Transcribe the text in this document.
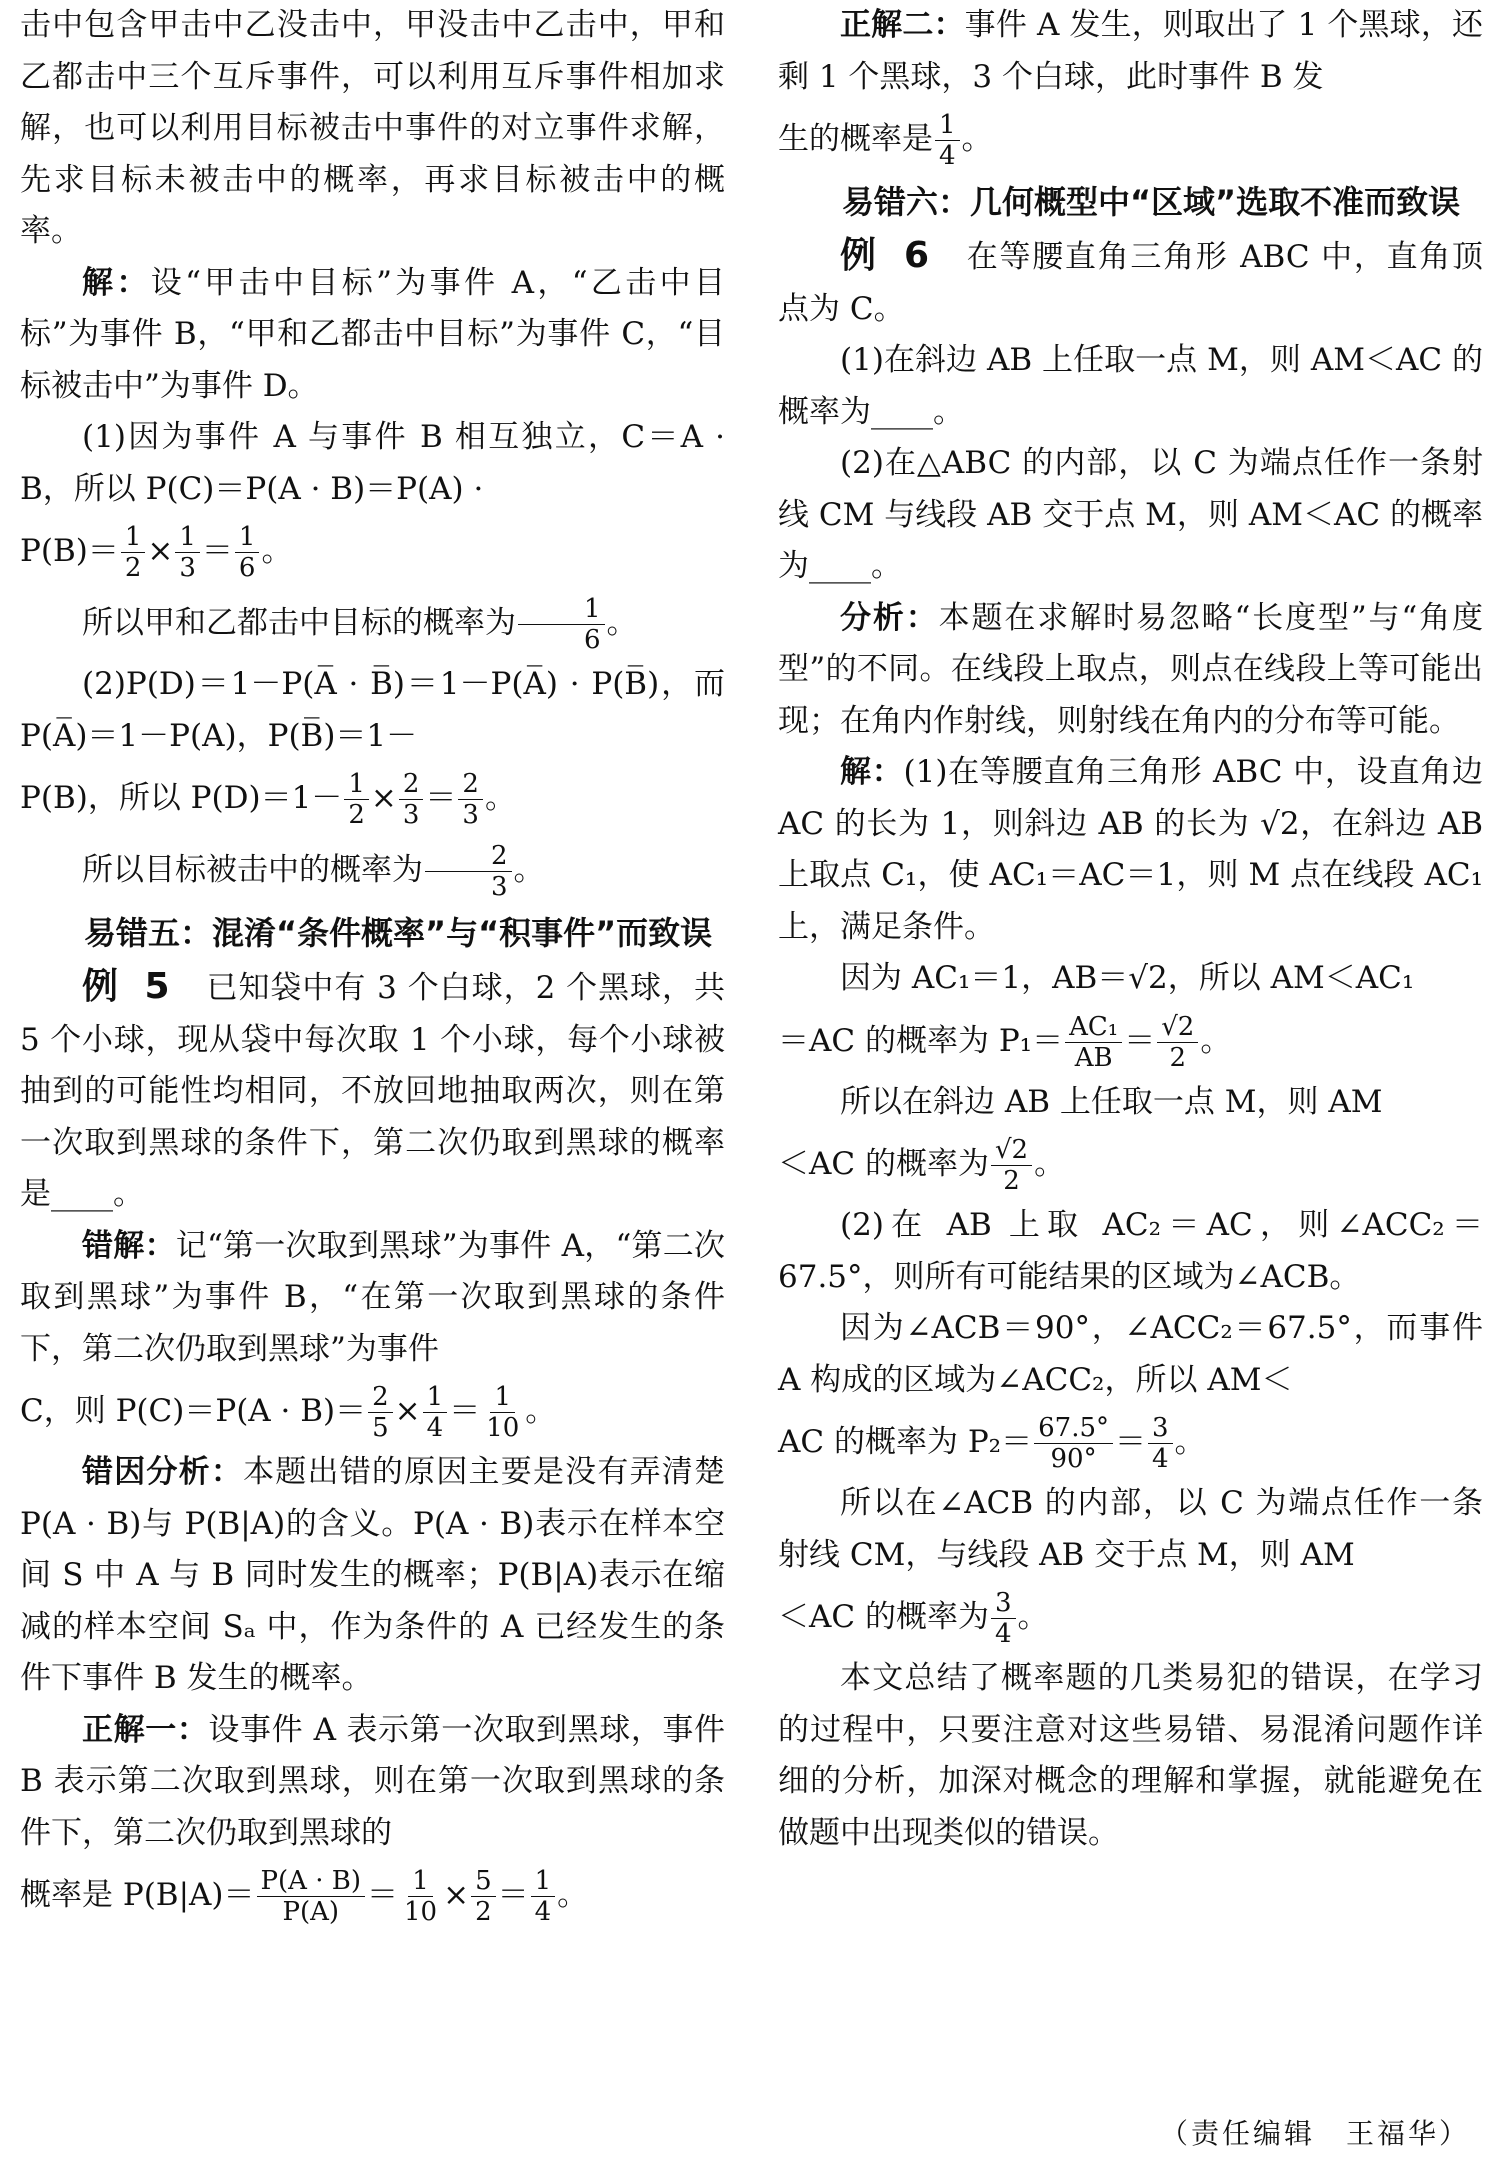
击中包含甲击中乙没击中，甲没击中乙击中，甲和乙都击中三个互斥事件，可以利用互斥事件相加求解，也可以利用目标被击中事件的对立事件求解，先求目标未被击中的概率，再求目标被击中的概率。

解：设“甲击中目标”为事件 A，“乙击中目标”为事件 B，“甲和乙都击中目标”为事件 C，“目标被击中”为事件 D。

(1)因为事件 A 与事件 B 相互独立，C＝A · B，所以 P(C)＝P(A · B)＝P(A) ·

$P(B)= \frac{1}{2} \times \frac{1}{3} = \frac{1}{6}$ 。

所以甲和乙都击中目标的概率为 $\frac{1}{6}$ 。

(2)P(D)＝1－P(A̅ · B̅)＝1－P(A̅) · P(B̅)，而 P(A̅)＝1－P(A)，P(B̅)＝1－

P(B)，所以 $P(D)=1- \frac{1}{2} \times \frac{2}{3} = \frac{2}{3}$ 。

所以目标被击中的概率为 $\frac{2}{3}$ 。

易错五：混淆“条件概率”与“积事件”而致误

例 5 已知袋中有 3 个白球，2 个黑球，共 5 个小球，现从袋中每次取 1 个小球，每个小球被抽到的可能性均相同，不放回地抽取两次，则在第一次取到黑球的条件下，第二次仍取到黑球的概率是____。

错解：记“第一次取到黑球”为事件 A，“第二次取到黑球”为事件 B，“在第一次取到黑球的条件下，第二次仍取到黑球”为事件

C，则 $P(C)=P(A \cdot B)= \frac{2}{5} \times \frac{1}{4} = \frac{1}{10}$ 。

错因分析：本题出错的原因主要是没有弄清楚 P(A · B)与 P(B|A)的含义。P(A · B)表示在样本空间 S 中 A 与 B 同时发生的概率；P(B|A)表示在缩减的样本空间 Sₐ 中，作为条件的 A 已经发生的条件下事件 B 发生的概率。

正解一：设事件 A 表示第一次取到黑球，事件 B 表示第二次取到黑球，则在第一次取到黑球的条件下，第二次仍取到黑球的

概率是 $P(B|A)= \frac{P(A \cdot B)}{P(A)} = \frac{1}{10} \times \frac{5}{2} = \frac{1}{4}$ 。

正解二：事件 A 发生，则取出了 1 个黑球，还剩 1 个黑球，3 个白球，此时事件 B 发

生的概率是 $\frac{1}{4}$ 。

易错六：几何概型中“区域”选取不准而致误

例 6 在等腰直角三角形 ABC 中，直角顶点为 C。

(1)在斜边 AB 上任取一点 M，则 AM＜AC 的概率为____。

(2)在△ABC 的内部，以 C 为端点任作一条射线 CM 与线段 AB 交于点 M，则 AM＜AC 的概率为____。

分析：本题在求解时易忽略“长度型”与“角度型”的不同。在线段上取点，则点在线段上等可能出现；在角内作射线，则射线在角内的分布等可能。

解：(1)在等腰直角三角形 ABC 中，设直角边 AC 的长为 1，则斜边 AB 的长为 √2，在斜边 AB 上取点 C₁，使 AC₁＝AC＝1，则 M 点在线段 AC₁ 上，满足条件。

因为 AC₁＝1，AB＝√2，所以 AM＜AC₁

＝AC 的概率为 $P_1= \frac{\text{AC₁}}{AB} = \frac{√2}{2}$ 。

所以在斜边 AB 上任取一点 M，则 AM

＜AC 的概率为 $\frac{√2}{2}$ 。

(2)在 AB 上取 AC₂＝AC，则∠ACC₂＝67.5°，则所有可能结果的区域为∠ACB。

因为∠ACB＝90°，∠ACC₂＝67.5°，而事件 A 构成的区域为∠ACC₂，所以 AM＜

AC 的概率为 $P_2= \frac{67.5^\circ}{90^\circ} = \frac{3}{4}$ 。

所以在∠ACB 的内部，以 C 为端点任作一条射线 CM，与线段 AB 交于点 M，则 AM

＜AC 的概率为 $\frac{3}{4}$ 。

本文总结了概率题的几类易犯的错误，在学习的过程中，只要注意对这些易错、易混淆问题作详细的分析，加深对概念的理解和掌握，就能避免在做题中出现类似的错误。

（责任编辑　王福华）
